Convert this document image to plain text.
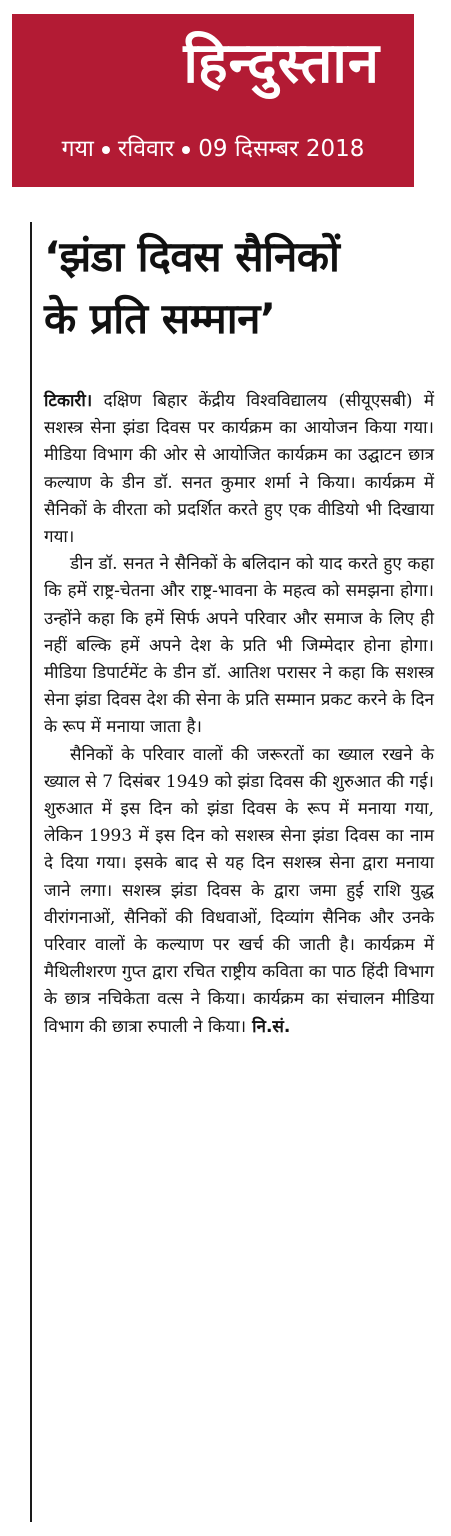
हिन्दुस्तान
गया रविवार 09 दिसम्बर 2018
‘झंडा दिवस सैनिकों
के प्रति सम्मान’

टिकारी। दक्षिण बिहार केंद्रीय विश्वविद्यालय (सीयूएसबी) में सशस्त्र सेना झंडा दिवस पर कार्यक्रम का आयोजन किया गया। मीडिया विभाग की ओर से आयोजित कार्यक्रम का उद्घाटन छात्र कल्याण के डीन डॉ. सनत कुमार शर्मा ने किया। कार्यक्रम में सैनिकों के वीरता को प्रदर्शित करते हुए एक वीडियो भी दिखाया गया।

डीन डॉ. सनत ने सैनिकों के बलिदान को याद करते हुए कहा कि हमें राष्ट्र-चेतना और राष्ट्र-भावना के महत्व को समझना होगा। उन्होंने कहा कि हमें सिर्फ अपने परिवार और समाज के लिए ही नहीं बल्कि हमें अपने देश के प्रति भी जिम्मेदार होना होगा। मीडिया डिपार्टमेंट के डीन डॉ. आतिश परासर ने कहा कि सशस्त्र सेना झंडा दिवस देश की सेना के प्रति सम्मान प्रकट करने के दिन के रूप में मनाया जाता है।

सैनिकों के परिवार वालों की जरूरतों का ख्याल रखने के ख्याल से 7 दिसंबर 1949 को झंडा दिवस की शुरुआत की गई। शुरुआत में इस दिन को झंडा दिवस के रूप में मनाया गया, लेकिन 1993 में इस दिन को सशस्त्र सेना झंडा दिवस का नाम दे दिया गया। इसके बाद से यह दिन सशस्त्र सेना द्वारा मनाया जाने लगा। सशस्त्र झंडा दिवस के द्वारा जमा हुई राशि युद्ध वीरांगनाओं, सैनिकों की विधवाओं, दिव्यांग सैनिक और उनके परिवार वालों के कल्याण पर खर्च की जाती है। कार्यक्रम में मैथिलीशरण गुप्त द्वारा रचित राष्ट्रीय कविता का पाठ हिंदी विभाग के छात्र नचिकेता वत्स ने किया। कार्यक्रम का संचालन मीडिया विभाग की छात्रा रुपाली ने किया। नि.सं.
